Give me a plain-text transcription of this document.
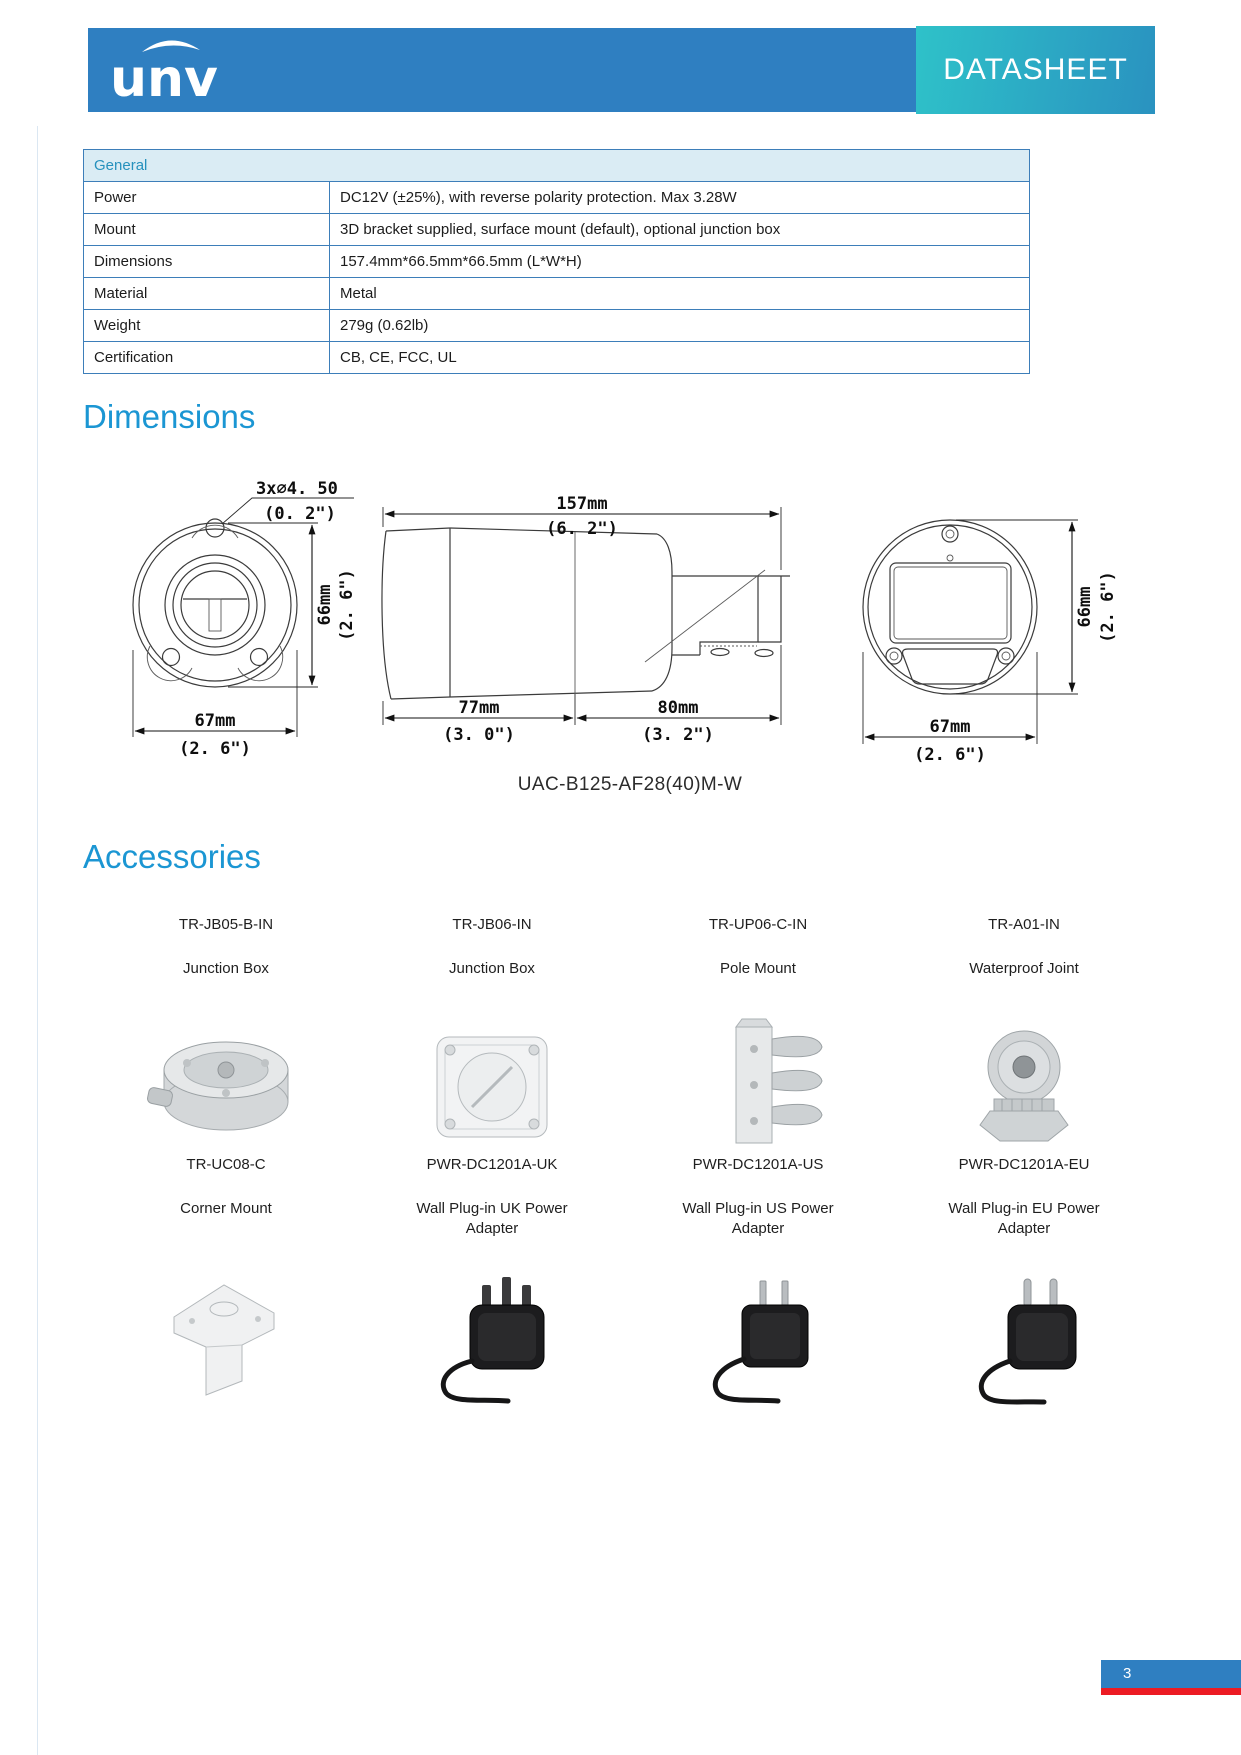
unv	DATASHEET
General	
Power	DC12V (±25%), with reverse polarity protection. Max 3.28W
Mount	3D bracket supplied, surface mount (default), optional junction box
Dimensions	157.4mm*66.5mm*66.5mm (L*W*H)
Material	Metal
Weight	279g (0.62lb)
Certification	CB, CE, FCC, UL
Dimensions
3x∅4. 50
(0. 2")
66mm (2. 6")
67mm
(2. 6")
157mm
(6. 2")
77mm
(3. 0")
80mm
(3. 2")
66mm (2. 6")
67mm
(2. 6")
UAC-B125-AF28(40)M-W
Accessories
TR-JB05-B-IN
Junction Box
TR-JB06-IN
Junction Box
TR-UP06-C-IN
Pole Mount
TR-A01-IN
Waterproof Joint
TR-UC08-C
Corner Mount
PWR-DC1201A-UK
Wall Plug-in UK Power
Adapter
PWR-DC1201A-US
Wall Plug-in US Power
Adapter
PWR-DC1201A-EU
Wall Plug-in EU Power
Adapter
3
